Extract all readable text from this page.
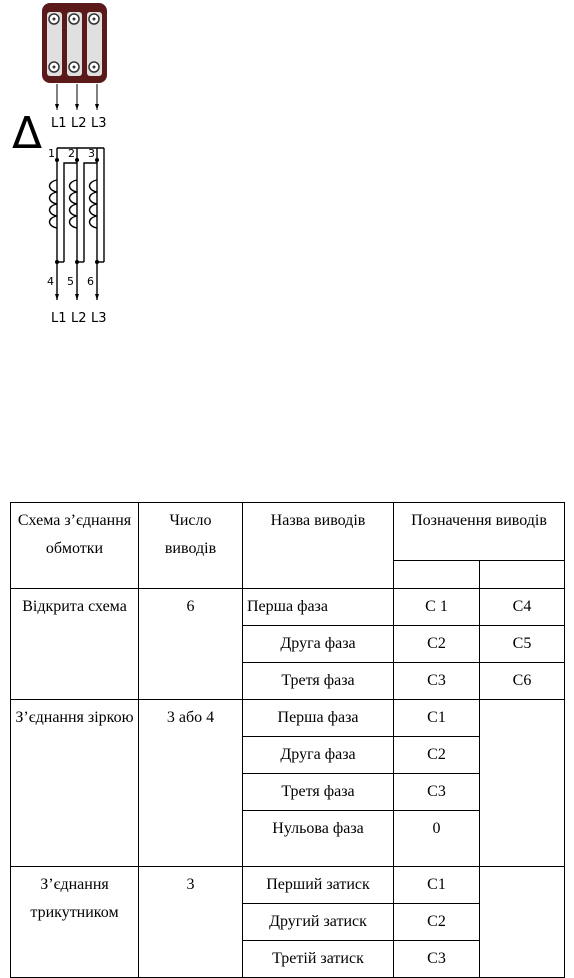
L1 L2 L3
Δ 1 2 3
4 5 6
L1 L2 L3
Схема з’єднання обмотки	Число виводів	Назва виводів	Позначення виводів	

Відкрита схема	6	Перша фаза	С 1	С4
		Друга фаза	С2	С5
		Третя фаза	С3	С6
З’єднання зіркою	3 або 4	Перша фаза	С1	
		Друга фаза	С2	
		Третя фаза	С3	
		Нульова фаза	0	
З’єднання трикутником	3	Перший затиск	С1	
		Другий затиск	С2	
		Третій затиск	С3	
